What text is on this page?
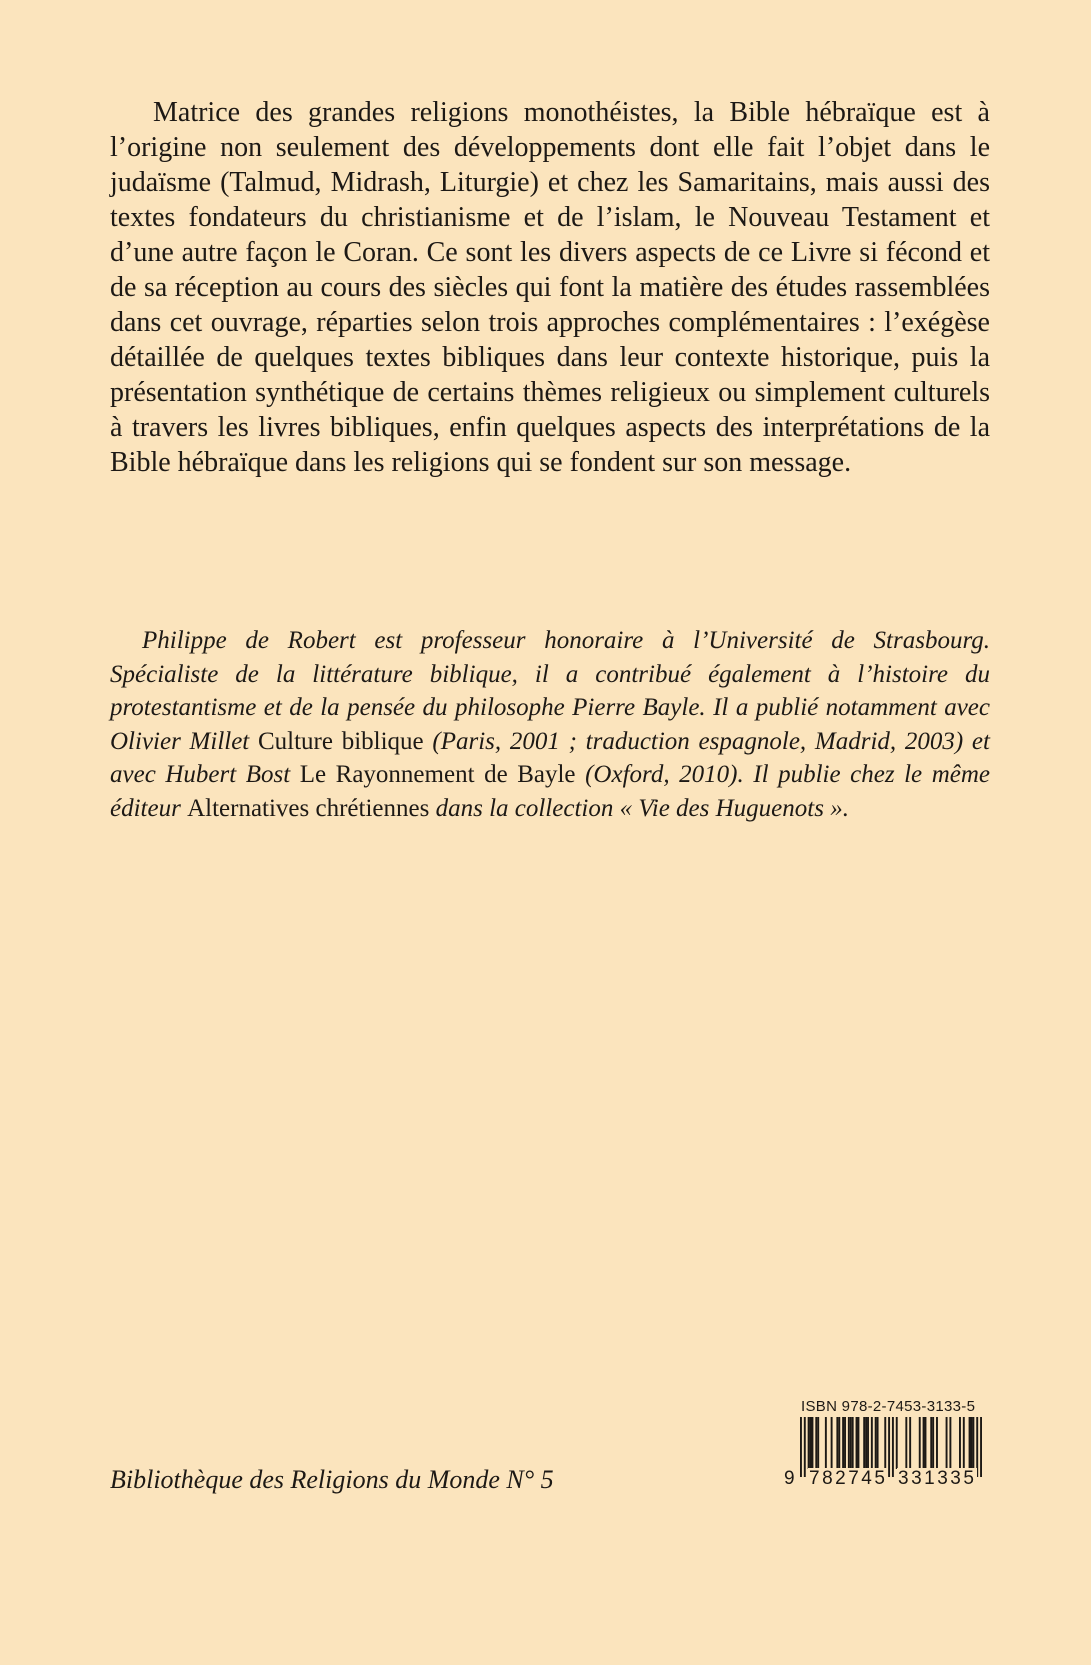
Matrice des grandes religions monothéistes, la Bible hébraïque est à l’origine non seulement des développements dont elle fait l’objet dans le judaïsme (Talmud, Midrash, Liturgie) et chez les Samaritains, mais aussi des textes fondateurs du christianisme et de l’islam, le Nouveau Testament et d’une autre façon le Coran. Ce sont les divers aspects de ce Livre si fécond et de sa réception au cours des siècles qui font la matière des études rassemblées dans cet ouvrage, réparties selon trois approches complémentaires : l’exégèse détaillée de quelques textes bibliques dans leur contexte historique, puis la présentation synthétique de certains thèmes religieux ou simplement culturels à travers les livres bibliques, enfin quelques aspects des interprétations de la Bible hébraïque dans les religions qui se fondent sur son message.

Philippe de Robert est professeur honoraire à l’Université de Strasbourg. Spécialiste de la littérature biblique, il a contribué également à l’histoire du protestantisme et de la pensée du philosophe Pierre Bayle. Il a publié notamment avec Olivier Millet Culture biblique (Paris, 2001 ; traduction espagnole, Madrid, 2003) et avec Hubert Bost Le Rayonnement de Bayle (Oxford, 2010). Il publie chez le même éditeur Alternatives chrétiennes dans la collection « Vie des Huguenots ».

Bibliothèque des Religions du Monde N° 5

ISBN 978-2-7453-3133-5
9 782745 331335
